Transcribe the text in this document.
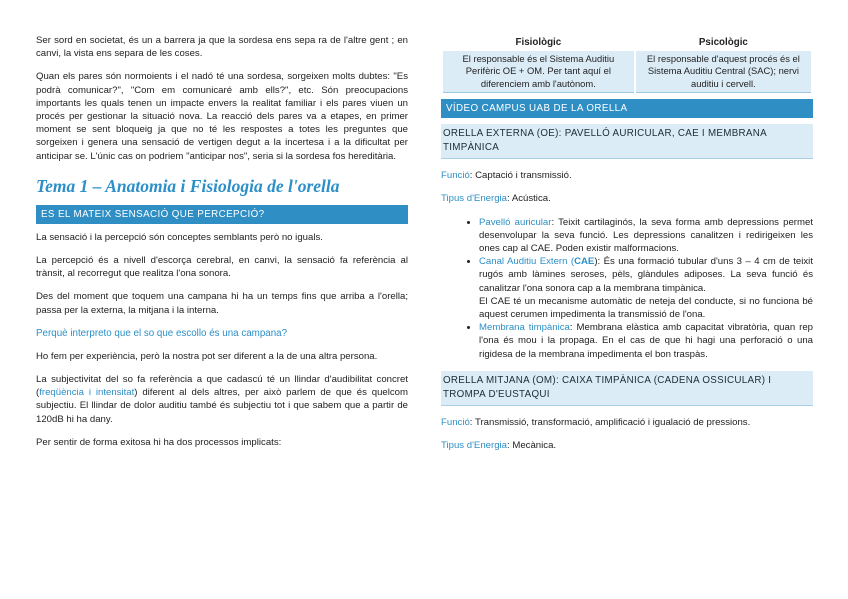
Ser sord en societat, és un a barrera ja que la sordesa ens sepa ra de l'altre gent ; en canvi, la vista ens separa de les coses.

Quan els pares són normoients i el nadó té una sordesa, sorgeixen molts dubtes: "Es podrà comunicar?", "Com em comunicaré amb ells?", etc. Són preocupacions importants les quals tenen un impacte envers la realitat familiar i els pares viuen un procés per gestionar la situació nova. La reacció dels pares va a etapes, en primer moment se sent bloqueig ja que no té les respostes a totes les preguntes que sorgeixen i genera una sensació de vertigen degut a la incertesa i a la dificultat per anticipar se. L'únic cas on podriem "anticipar nos", seria si la sordesa fos hereditària.

Tema 1 – Anatomia i Fisiologia de l'orella
ES EL MATEIX SENSACIÓ QUE PERCEPCIÓ?

La sensació i la percepció són conceptes semblants però no iguals.

La percepció és a nivell d'escorça cerebral, en canvi, la sensació fa referència al trànsit, al recorregut que realitza l'ona sonora.

Des del moment que toquem una campana hi ha un temps fins que arriba a l'orella; passa per la externa, la mitjana i la interna.

Perquè interpreto que el so que escollo és una campana?

Ho fem per experiència, però la nostra pot ser diferent a la de una altra persona.

La subjectivitat del so fa referència a que cadascú té un llindar d'audibilitat concret (freqüència i intensitat) diferent al dels altres, per això parlem de que és quelcom subjectiu. El llindar de dolor auditiu també és subjectiu tot i que sabem que a partir de 120dB hi ha dany.

Per sentir de forma exitosa hi ha dos processos implicats:

Fisiològic	Psicològic
El responsable és el Sistema Auditiu Perifèric OE + OM. Per tant aquí el diferenciem amb l'autònom.	El responsable d'aquest procés és el Sistema Auditiu Central (SAC); nervi auditiu i cervell.
VÍDEO CAMPUS UAB DE LA ORELLA
ORELLA EXTERNA (OE): PAVELLÓ AURICULAR, CAE I MEMBRANA TIMPÀNICA

Funció: Captació i transmissió.

Tipus d'Energia: Acústica.

• Pavelló auricular: Teixit cartilaginós, la seva forma amb depressions permet desenvolupar la seva funció. Les depressions canalitzen i redirigeixen les ones cap al CAE. Poden existir malformacions.
• Canal Auditiu Extern (CAE): És una formació tubular d'uns 3 – 4 cm de teixit rugós amb làmines seroses, pèls, glàndules adiposes. La seva funció és canalitzar l'ona sonora cap a la membrana timpànica.
El CAE té un mecanisme automàtic de neteja del conducte, si no funciona bé aquest cerumen impedimenta la transmissió de l'ona.
• Membrana timpànica: Membrana elàstica amb capacitat vibratòria, quan rep l'ona és mou i la propaga. En el cas de que hi hagi una perforació o una rigidesa de la membrana impedimenta el bon traspàs.
ORELLA MITJANA (OM): CAIXA TIMPÀNICA (CADENA OSSICULAR) I TROMPA D'EUSTAQUI

Funció: Transmissió, transformació, amplificació i igualació de pressions.

Tipus d'Energia: Mecànica.
